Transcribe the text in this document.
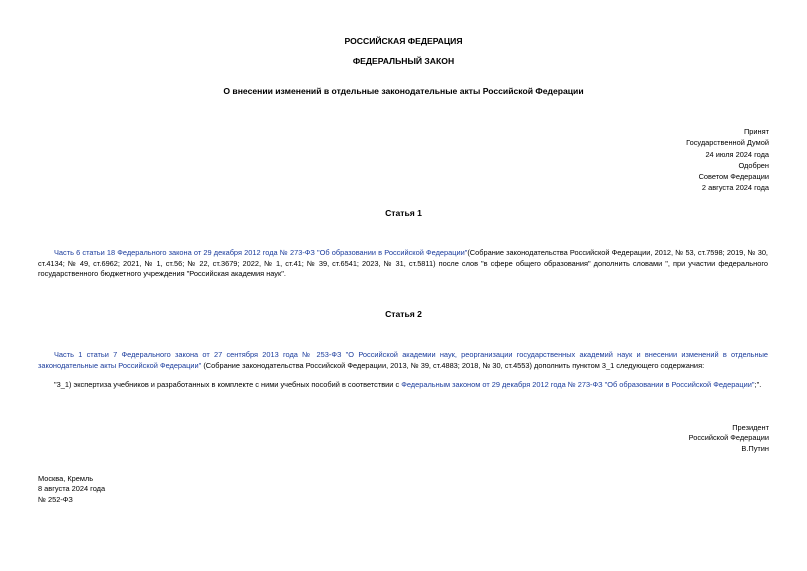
РОССИЙСКАЯ ФЕДЕРАЦИЯ
ФЕДЕРАЛЬНЫЙ ЗАКОН
О внесении изменений в отдельные законодательные акты Российской Федерации
Принят
Государственной Думой
24 июля 2024 года
Одобрен
Советом Федерации
2 августа 2024 года
Статья 1
Часть 6 статьи 18 Федерального закона от 29 декабря 2012 года № 273-ФЗ "Об образовании в Российской Федерации"(Собрание законодательства Российской Федерации, 2012, № 53, ст.7598; 2019, № 30, ст.4134; № 49, ст.6962; 2021, № 1, ст.56; № 22, ст.3679; 2022, № 1, ст.41; № 39, ст.6541; 2023, № 31, ст.5811) после слов "в сфере общего образования" дополнить словами ", при участии федерального государственного бюджетного учреждения "Российская академия наук".
Статья 2
Часть 1 статьи 7 Федерального закона от 27 сентября 2013 года № 253-ФЗ "О Российской академии наук, реорганизации государственных академий наук и внесении изменений в отдельные законодательные акты Российской Федерации" (Собрание законодательства Российской Федерации, 2013, № 39, ст.4883; 2018, № 30, ст.4553) дополнить пунктом 3_1 следующего содержания:
"3_1) экспертиза учебников и разработанных в комплекте с ними учебных пособий в соответствии с Федеральным законом от 29 декабря 2012 года № 273-ФЗ "Об образовании в Российской Федерации";".
Президент
Российской Федерации
В.Путин
Москва, Кремль
8 августа 2024 года
№ 252-ФЗ
